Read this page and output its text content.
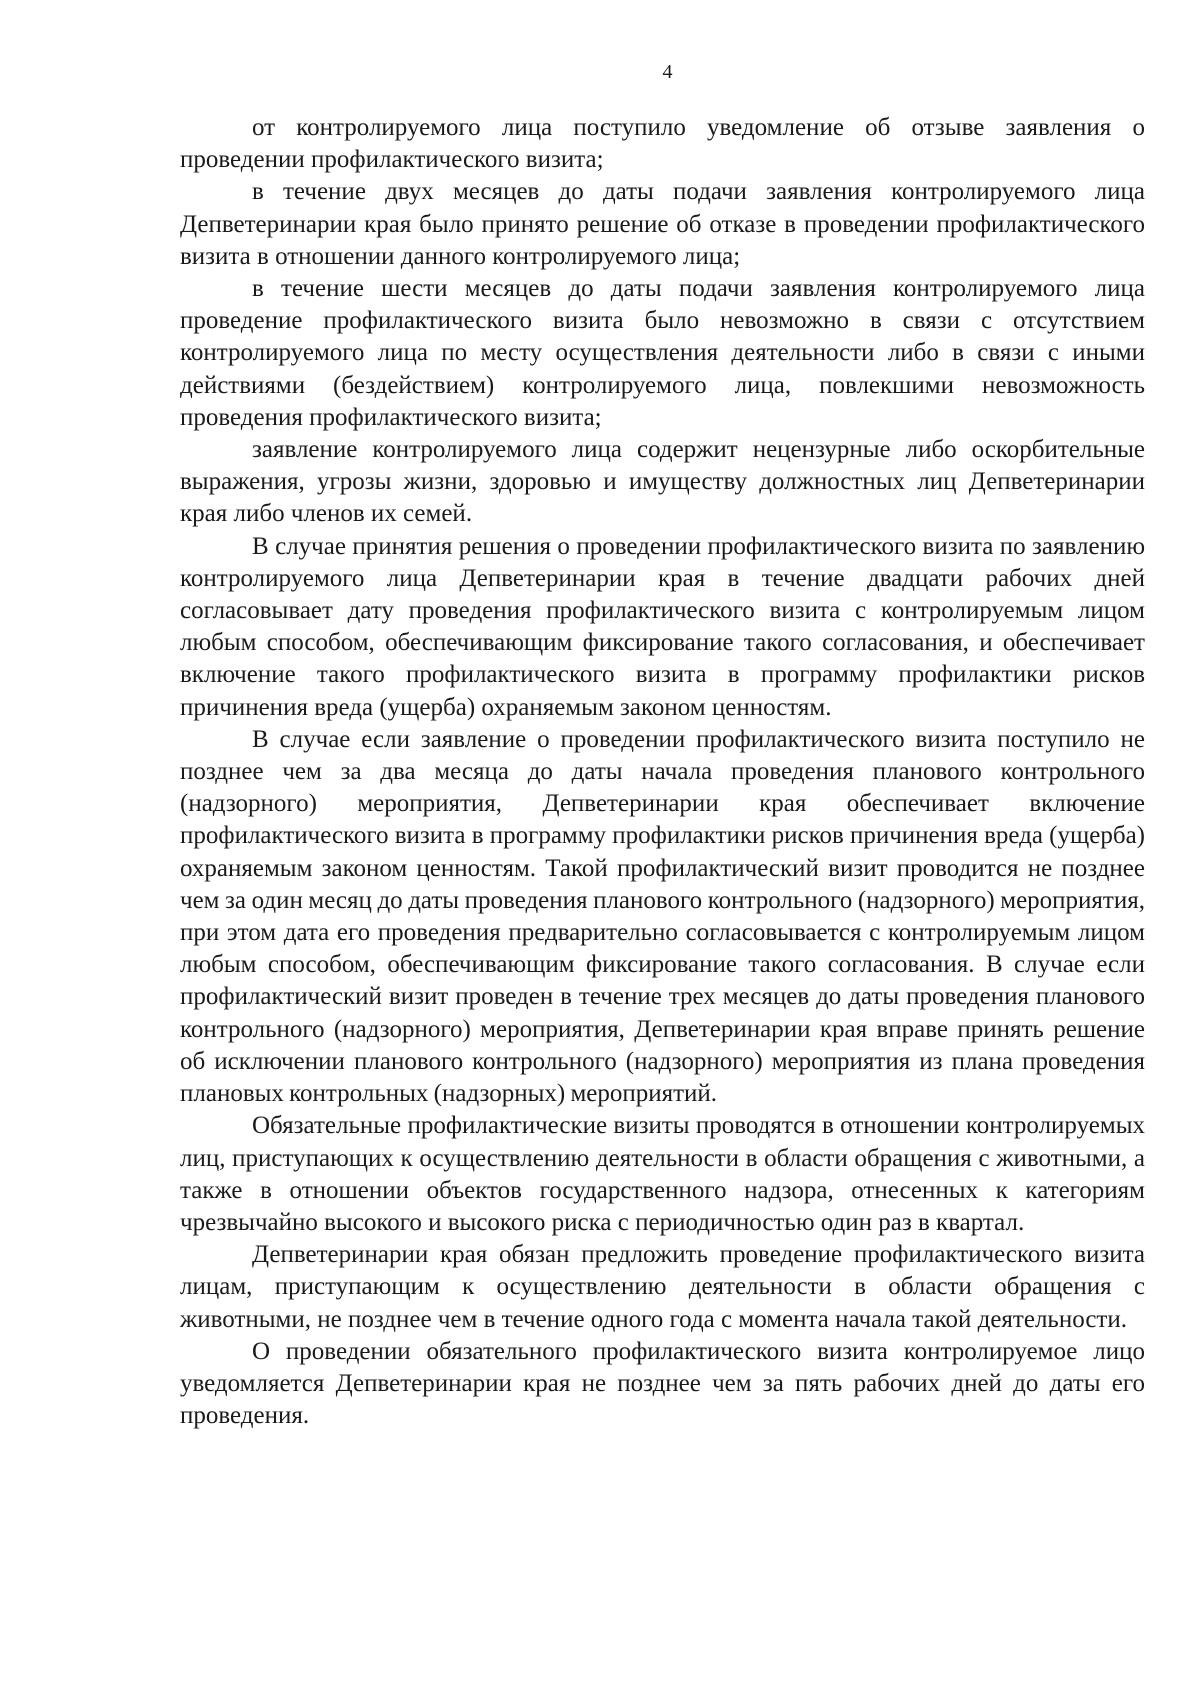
4

от контролируемого лица поступило уведомление об отзыве заявления о проведении профилактического визита;

в течение двух месяцев до даты подачи заявления контролируемого лица Депветеринарии края было принято решение об отказе в проведении профилактического визита в отношении данного контролируемого лица;

в течение шести месяцев до даты подачи заявления контролируемого лица проведение профилактического визита было невозможно в связи с отсутствием контролируемого лица по месту осуществления деятельности либо в связи с иными действиями (бездействием) контролируемого лица, повлекшими невозможность проведения профилактического визита;

заявление контролируемого лица содержит нецензурные либо оскорбительные выражения, угрозы жизни, здоровью и имуществу должностных лиц Депветеринарии края либо членов их семей.

В случае принятия решения о проведении профилактического визита по заявлению контролируемого лица Депветеринарии края в течение двадцати рабочих дней согласовывает дату проведения профилактического визита с контролируемым лицом любым способом, обеспечивающим фиксирование такого согласования, и обеспечивает включение такого профилактического визита в программу профилактики рисков причинения вреда (ущерба) охраняемым законом ценностям.

В случае если заявление о проведении профилактического визита поступило не позднее чем за два месяца до даты начала проведения планового контрольного (надзорного) мероприятия, Депветеринарии края обеспечивает включение профилактического визита в программу профилактики рисков причинения вреда (ущерба) охраняемым законом ценностям. Такой профилактический визит проводится не позднее чем за один месяц до даты проведения планового контрольного (надзорного) мероприятия, при этом дата его проведения предварительно согласовывается с контролируемым лицом любым способом, обеспечивающим фиксирование такого согласования. В случае если профилактический визит проведен в течение трех месяцев до даты проведения планового контрольного (надзорного) мероприятия, Депветеринарии края вправе принять решение об исключении планового контрольного (надзорного) мероприятия из плана проведения плановых контрольных (надзорных) мероприятий.

Обязательные профилактические визиты проводятся в отношении контролируемых лиц, приступающих к осуществлению деятельности в области обращения с животными, а также в отношении объектов государственного надзора, отнесенных к категориям чрезвычайно высокого и высокого риска с периодичностью один раз в квартал.

Депветеринарии края обязан предложить проведение профилактического визита лицам, приступающим к осуществлению деятельности в области обращения с животными, не позднее чем в течение одного года с момента начала такой деятельности.

О проведении обязательного профилактического визита контролируемое лицо уведомляется Депветеринарии края не позднее чем за пять рабочих дней до даты его проведения.
